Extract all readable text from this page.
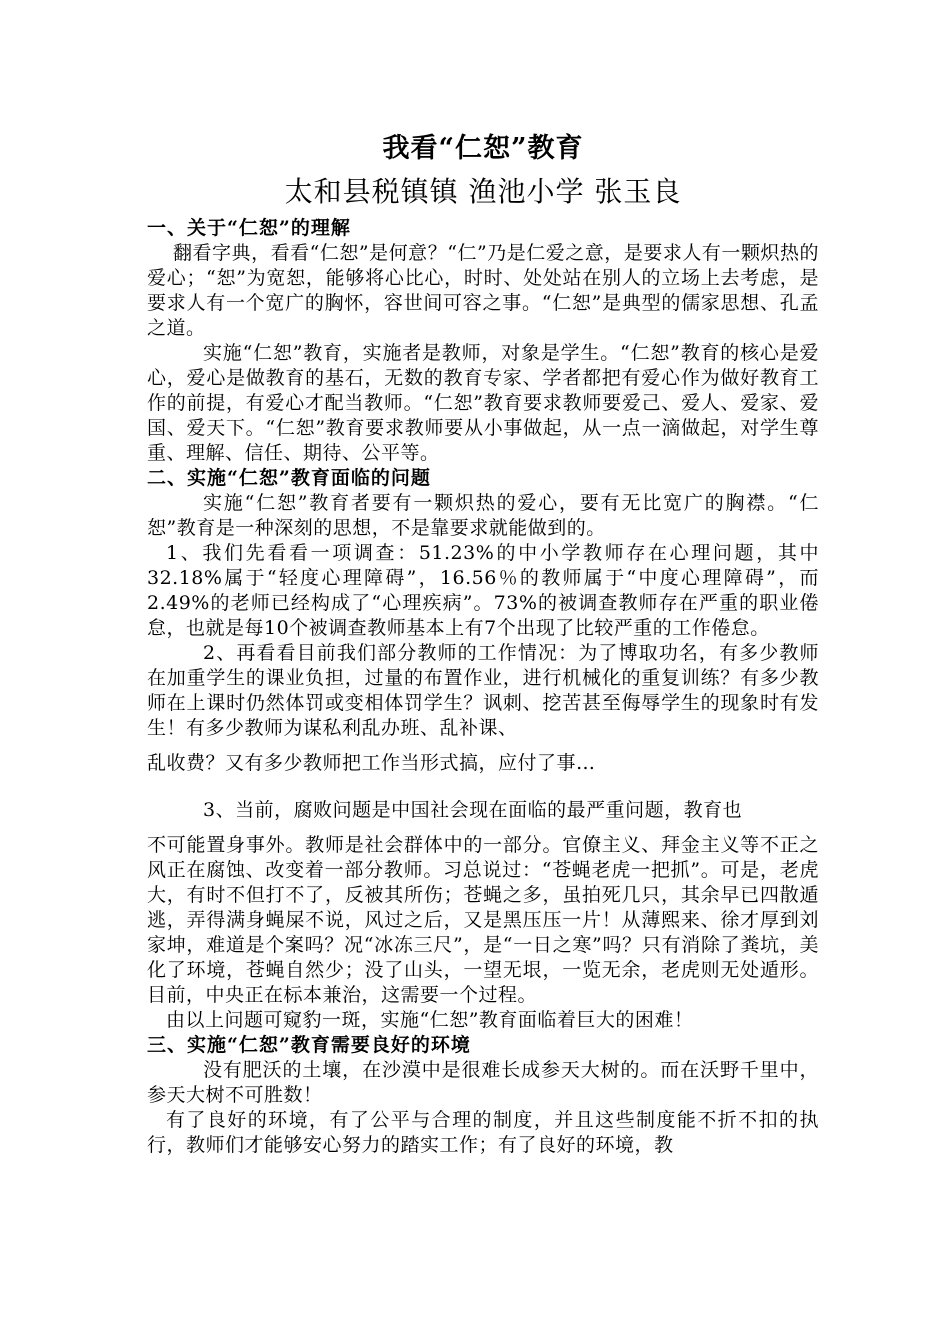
我看“仁恕”教育
太和县税镇镇 渔池小学 张玉良
一、关于“仁恕”的理解

翻看字典，看看“仁恕”是何意？“仁”乃是仁爱之意，是要求人有一颗炽热的爱心；“恕”为宽恕，能够将心比心，时时、处处站在别人的立场上去考虑，是要求人有一个宽广的胸怀，容世间可容之事。“仁恕”是典型的儒家思想、孔孟之道。

实施“仁恕”教育，实施者是教师，对象是学生。“仁恕”教育的核心是爱心，爱心是做教育的基石，无数的教育专家、学者都把有爱心作为做好教育工作的前提，有爱心才配当教师。“仁恕”教育要求教师要爱己、爱人、爱家、爱国、爱天下。“仁恕”教育要求教师要从小事做起，从一点一滴做起，对学生尊重、理解、信任、期待、公平等。

二、实施“仁恕”教育面临的问题

实施“仁恕”教育者要有一颗炽热的爱心，要有无比宽广的胸襟。“仁恕”教育是一种深刻的思想，不是靠要求就能做到的。

1、我们先看看一项调查：51.23%的中小学教师存在心理问题，其中32.18%属于“轻度心理障碍”，16.56％的教师属于“中度心理障碍”，而2.49%的老师已经构成了“心理疾病”。73%的被调查教师存在严重的职业倦怠，也就是每10个被调查教师基本上有7个出现了比较严重的工作倦怠。

2、再看看目前我们部分教师的工作情况：为了博取功名，有多少教师在加重学生的课业负担，过量的布置作业，进行机械化的重复训练？有多少教师在上课时仍然体罚或变相体罚学生？讽刺、挖苦甚至侮辱学生的现象时有发生！有多少教师为谋私利乱办班、乱补课、

乱收费？又有多少教师把工作当形式搞，应付了事…

3、当前，腐败问题是中国社会现在面临的最严重问题，教育也

不可能置身事外。教师是社会群体中的一部分。官僚主义、拜金主义等不正之风正在腐蚀、改变着一部分教师。习总说过：“苍蝇老虎一把抓”。可是，老虎大，有时不但打不了，反被其所伤；苍蝇之多，虽拍死几只，其余早已四散遁逃，弄得满身蝇屎不说，风过之后，又是黑压压一片！从薄熙来、徐才厚到刘家坤，难道是个案吗？况“冰冻三尺”，是“一日之寒”吗？只有消除了粪坑，美化了环境，苍蝇自然少；没了山头，一望无垠，一览无余，老虎则无处遁形。目前，中央正在标本兼治，这需要一个过程。

由以上问题可窥豹一斑，实施“仁恕”教育面临着巨大的困难！

三、实施“仁恕”教育需要良好的环境

没有肥沃的土壤，在沙漠中是很难长成参天大树的。而在沃野千里中，参天大树不可胜数！

有了良好的环境，有了公平与合理的制度，并且这些制度能不折不扣的执行，教师们才能够安心努力的踏实工作；有了良好的环境，教
